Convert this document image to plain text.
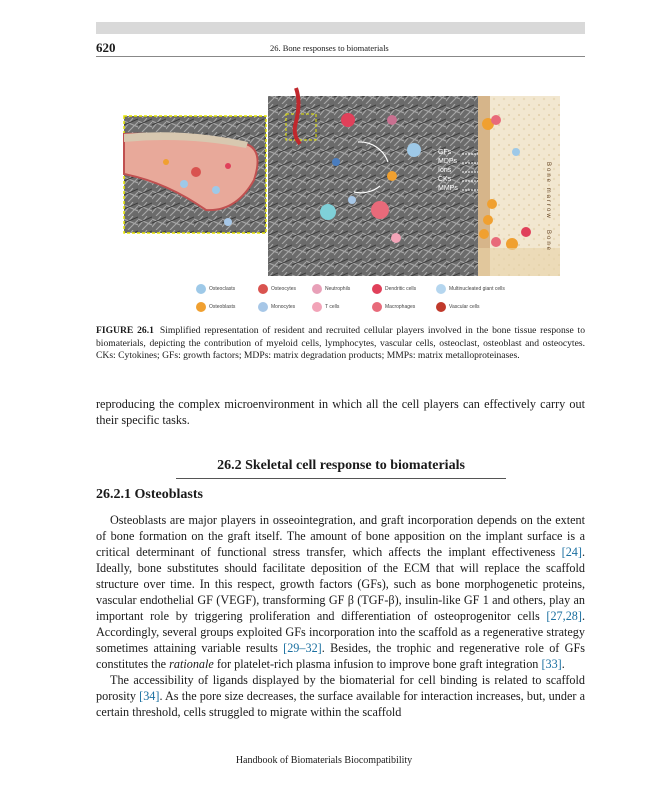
620	26. Bone responses to biomaterials
GFs
MDPs
Ions
CKs
MMPs	Bone marrow
Bone
Osteoclasts	Osteocytes	Neutrophils	Dendritic cells	Multinucleated giant cells
Osteoblasts	Monocytes	T cells	Macrophages	Vascular cells
FIGURE 26.1 Simplified representation of resident and recruited cellular players involved in the bone tissue response to biomaterials, depicting the contribution of myeloid cells, lymphocytes, vascular cells, osteoclast, osteoblast and osteocytes. CKs: Cytokines; GFs: growth factors; MDPs: matrix degradation products; MMPs: matrix metalloproteinases.
reproducing the complex microenvironment in which all the cell players can effectively carry out their specific tasks.
26.2 Skeletal cell response to biomaterials
26.2.1 Osteoblasts

Osteoblasts are major players in osseointegration, and graft incorporation depends on the extent of bone formation on the graft itself. The amount of bone apposition on the implant surface is a critical determinant of functional stress transfer, which affects the implant effectiveness [24]. Ideally, bone substitutes should facilitate deposition of the ECM that will replace the scaffold structure over time. In this respect, growth factors (GFs), such as bone morphogenetic proteins, vascular endothelial GF (VEGF), transforming GF β (TGF-β), insulin-like GF 1 and others, play an important role by triggering proliferation and differentiation of osteoprogenitor cells [27,28]. Accordingly, several groups exploited GFs incorporation into the scaffold as a regenerative strategy sometimes attaining variable results [29–32]. Besides, the trophic and regenerative role of GFs constitutes the rationale for platelet-rich plasma infusion to improve bone graft integration [33].

The accessibility of ligands displayed by the biomaterial for cell binding is related to scaffold porosity [34]. As the pore size decreases, the surface available for interaction increases, but, under a certain threshold, cells struggled to migrate within the scaffold

Handbook of Biomaterials Biocompatibility
